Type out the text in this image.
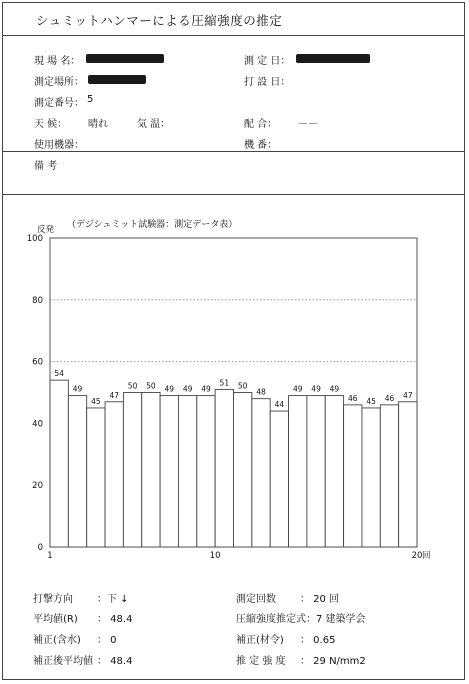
シュミットハンマーによる圧縮強度の推定
現 場 名：	測 定 日：
測定場所：	打 設 日：
測定番号： 5
天 候： 晴れ	気 温：	配 合： －－
使用機器：	機 番：
備 考
（デジシュミット試験器：測定データ表）
0
20
40
60
80
100
反発
54
49
45
47
50 50 49 49 49
51 50
48
44
49 49 49
46 45 46 47
1	10	20 回
打撃方向 ：下 ↓	測定回数 ： 20 回
平均値(R) ： 48.4	圧縮強度推定式： 7 建築学会
補正(含水) ： 0	補正(材令) ： 0.65
補正後平均値 ： 48.4	推 定 強 度 ： 29 N/mm2
